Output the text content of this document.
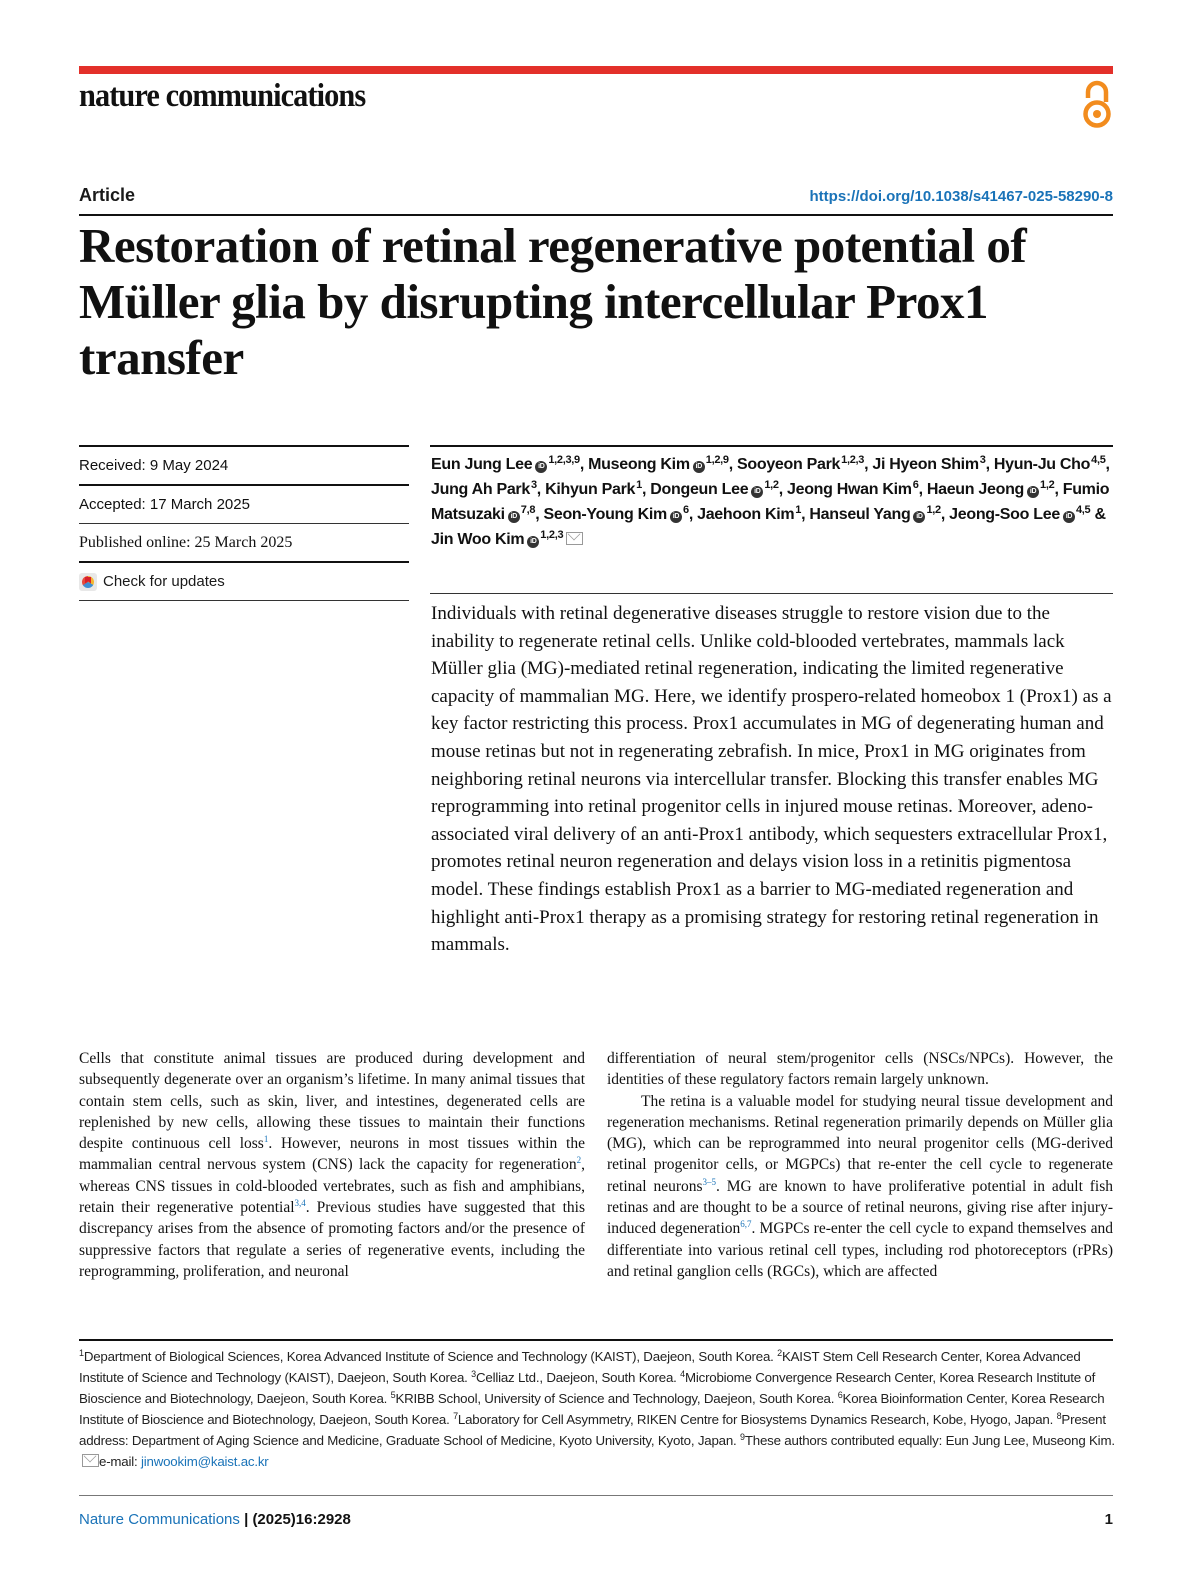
nature communications
Article	https://doi.org/10.1038/s41467-025-58290-8
Restoration of retinal regenerative potential of Müller glia by disrupting intercellular Prox1 transfer
Received: 9 May 2024
Accepted: 17 March 2025
Published online: 25 March 2025
Check for updates
Eun Jung Lee iD$^{1,2,3,9}$, Museong Kim iD$^{1,2,9}$, Sooyeon Park$^{1,2,3}$, Ji Hyeon Shim$^3$, Hyun-Ju Cho$^{4,5}$, Jung Ah Park$^3$, Kihyun Park$^1$, Dongeun Lee iD$^{1,2}$, Jeong Hwan Kim$^6$, Haeun Jeong iD$^{1,2}$, Fumio Matsuzaki iD$^{7,8}$, Seon-Young Kim $iD^6$, Jaehoon Kim$^1$, Hanseul Yang iD$^{1,2}$, Jeong-Soo Lee iD$^{4,5}$ & Jin Woo Kim iD$^{1,2,3}$

Individuals with retinal degenerative diseases struggle to restore vision due to the inability to regenerate retinal cells. Unlike cold-blooded vertebrates, mammals lack Müller glia (MG)-mediated retinal regeneration, indicating the limited regenerative capacity of mammalian MG. Here, we identify prospero-related homeobox 1 (Prox1) as a key factor restricting this process. Prox1 accumulates in MG of degenerating human and mouse retinas but not in regenerating zebrafish. In mice, Prox1 in MG originates from neighboring retinal neurons via intercellular transfer. Blocking this transfer enables MG reprogramming into retinal progenitor cells in injured mouse retinas. Moreover, adeno-associated viral delivery of an anti-Prox1 antibody, which sequesters extracellular Prox1, promotes retinal neuron regeneration and delays vision loss in a retinitis pigmentosa model. These findings establish Prox1 as a barrier to MG-mediated regeneration and highlight anti-Prox1 therapy as a promising strategy for restoring retinal regeneration in mammals.

Cells that constitute animal tissues are produced during development and subsequently degenerate over an organism’s lifetime. In many animal tissues that contain stem cells, such as skin, liver, and intestines, degenerated cells are replenished by new cells, allowing these tissues to maintain their functions despite continuous cell loss$^1$. However, neurons in most tissues within the mammalian central nervous system (CNS) lack the capacity for regeneration$^2$, whereas CNS tissues in cold-blooded vertebrates, such as fish and amphibians, retain their regenerative potential$^{3,4}$. Previous studies have suggested that this discrepancy arises from the absence of promoting factors and/or the presence of suppressive factors that regulate a series of regenerative events, including the reprogramming, proliferation, and neuronal

differentiation of neural stem/progenitor cells (NSCs/NPCs). However, the identities of these regulatory factors remain largely unknown.

The retina is a valuable model for studying neural tissue development and regeneration mechanisms. Retinal regeneration primarily depends on Müller glia (MG), which can be reprogrammed into neural progenitor cells (MG-derived retinal progenitor cells, or MGPCs) that re-enter the cell cycle to regenerate retinal neurons$^{3-5}$. MG are known to have proliferative potential in adult fish retinas and are thought to be a source of retinal neurons, giving rise after injury-induced degeneration$^{6,7}$. MGPCs re-enter the cell cycle to expand themselves and differentiate into various retinal cell types, including rod photoreceptors (rPRs) and retinal ganglion cells (RGCs), which are affected

$^1$Department of Biological Sciences, Korea Advanced Institute of Science and Technology (KAIST), Daejeon, South Korea. $^2$KAIST Stem Cell Research Center, Korea Advanced Institute of Science and Technology (KAIST), Daejeon, South Korea. $^3$Celliaz Ltd., Daejeon, South Korea. $^4$Microbiome Convergence Research Center, Korea Research Institute of Bioscience and Biotechnology, Daejeon, South Korea. $^5$KRIBB School, University of Science and Technology, Daejeon, South Korea. $^6$Korea Bioinformation Center, Korea Research Institute of Bioscience and Biotechnology, Daejeon, South Korea. $^7$Laboratory for Cell Asymmetry, RIKEN Centre for Biosystems Dynamics Research, Kobe, Hyogo, Japan. $^8$Present address: Department of Aging Science and Medicine, Graduate School of Medicine, Kyoto University, Kyoto, Japan. $^9$These authors contributed equally: Eun Jung Lee, Museong Kim. e-mail: jinwookim@kaist.ac.kr

Nature Communications | (2025)16:2928	1
